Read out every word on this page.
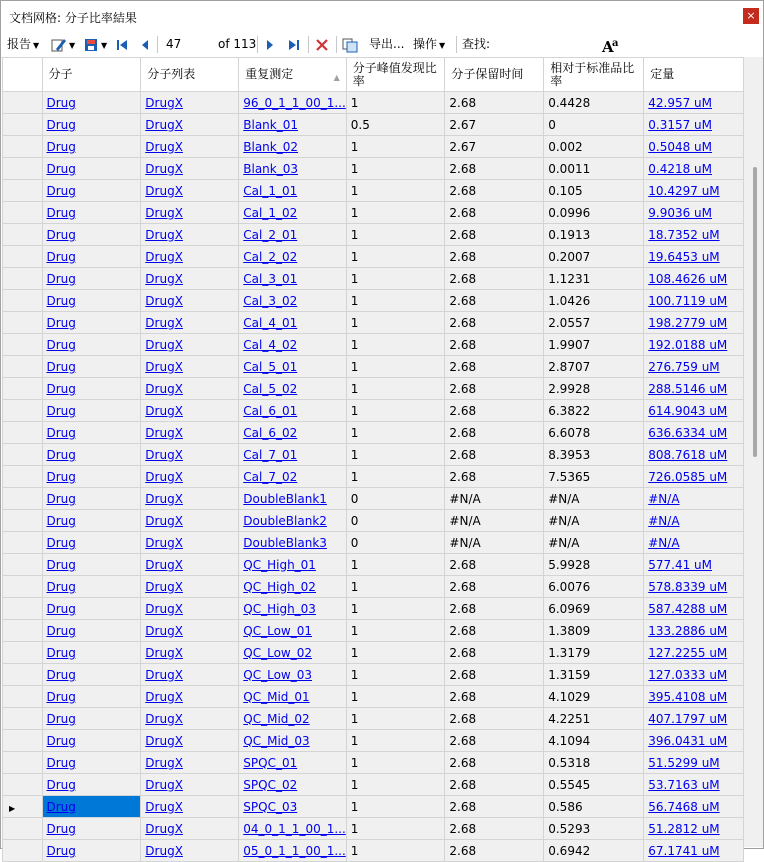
文档网格: 分子比率結果	×
报告 ▼	▼	▼
47	of 113	导出... 操作 ▼ 查找:	A
a
	分子	分子列表	重复测定 ▲	分子峰值发现比率	分子保留时间	相对于标准品比率	定量
	Drug	DrugX	96_0_1_1_00_1...	1	2.68	0.4428	42.957 uM
	Drug	DrugX	Blank_01	0.5	2.67	0	0.3157 uM
	Drug	DrugX	Blank_02	1	2.67	0.002	0.5048 uM
	Drug	DrugX	Blank_03	1	2.68	0.0011	0.4218 uM
	Drug	DrugX	Cal_1_01	1	2.68	0.105	10.4297 uM
	Drug	DrugX	Cal_1_02	1	2.68	0.0996	9.9036 uM
	Drug	DrugX	Cal_2_01	1	2.68	0.1913	18.7352 uM
	Drug	DrugX	Cal_2_02	1	2.68	0.2007	19.6453 uM
	Drug	DrugX	Cal_3_01	1	2.68	1.1231	108.4626 uM
	Drug	DrugX	Cal_3_02	1	2.68	1.0426	100.7119 uM
	Drug	DrugX	Cal_4_01	1	2.68	2.0557	198.2779 uM
	Drug	DrugX	Cal_4_02	1	2.68	1.9907	192.0188 uM
	Drug	DrugX	Cal_5_01	1	2.68	2.8707	276.759 uM
	Drug	DrugX	Cal_5_02	1	2.68	2.9928	288.5146 uM
	Drug	DrugX	Cal_6_01	1	2.68	6.3822	614.9043 uM
	Drug	DrugX	Cal_6_02	1	2.68	6.6078	636.6334 uM
	Drug	DrugX	Cal_7_01	1	2.68	8.3953	808.7618 uM
	Drug	DrugX	Cal_7_02	1	2.68	7.5365	726.0585 uM
	Drug	DrugX	DoubleBlank1	0	#N/A	#N/A	#N/A
	Drug	DrugX	DoubleBlank2	0	#N/A	#N/A	#N/A
	Drug	DrugX	DoubleBlank3	0	#N/A	#N/A	#N/A
	Drug	DrugX	QC_High_01	1	2.68	5.9928	577.41 uM
	Drug	DrugX	QC_High_02	1	2.68	6.0076	578.8339 uM
	Drug	DrugX	QC_High_03	1	2.68	6.0969	587.4288 uM
	Drug	DrugX	QC_Low_01	1	2.68	1.3809	133.2886 uM
	Drug	DrugX	QC_Low_02	1	2.68	1.3179	127.2255 uM
	Drug	DrugX	QC_Low_03	1	2.68	1.3159	127.0333 uM
	Drug	DrugX	QC_Mid_01	1	2.68	4.1029	395.4108 uM
	Drug	DrugX	QC_Mid_02	1	2.68	4.2251	407.1797 uM
	Drug	DrugX	QC_Mid_03	1	2.68	4.1094	396.0431 uM
	Drug	DrugX	SPQC_01	1	2.68	0.5318	51.5299 uM
	Drug	DrugX	SPQC_02	1	2.68	0.5545	53.7163 uM
▶	Drug	DrugX	SPQC_03	1	2.68	0.586	56.7468 uM
	Drug	DrugX	04_0_1_1_00_1...	1	2.68	0.5293	51.2812 uM
	Drug	DrugX	05_0_1_1_00_1...	1	2.68	0.6942	67.1741 uM
